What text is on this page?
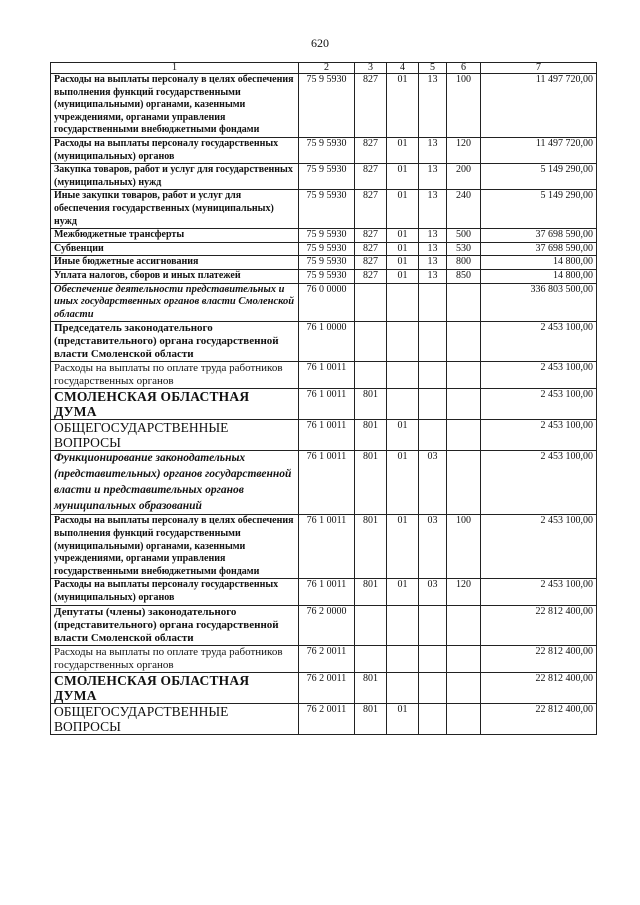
620
1	2	3	4	5	6	7
Расходы на выплаты персоналу в целях обеспечения выполнения функций государственными (муниципальными) органами, казенными учреждениями, органами управления государственными внебюджетными фондами	75 9 5930	827	01	13	100	11 497 720,00
Расходы на выплаты персоналу государственных (муниципальных) органов	75 9 5930	827	01	13	120	11 497 720,00
Закупка товаров, работ и услуг для государственных (муниципальных) нужд	75 9 5930	827	01	13	200	5 149 290,00
Иные закупки товаров, работ и услуг для обеспечения государственных (муниципальных) нужд	75 9 5930	827	01	13	240	5 149 290,00
Межбюджетные трансферты	75 9 5930	827	01	13	500	37 698 590,00
Субвенции	75 9 5930	827	01	13	530	37 698 590,00
Иные бюджетные ассигнования	75 9 5930	827	01	13	800	14 800,00
Уплата налогов, сборов и иных платежей	75 9 5930	827	01	13	850	14 800,00
Обеспечение деятельности представительных и иных государственных органов власти Смоленской области	76 0 0000					336 803 500,00
Председатель законодательного (представительного) органа государственной власти Смоленской области	76 1 0000					2 453 100,00
Расходы на выплаты по оплате труда работников государственных органов	76 1 0011					2 453 100,00
СМОЛЕНСКАЯ ОБЛАСТНАЯ ДУМА	76 1 0011	801				2 453 100,00
ОБЩЕГОСУДАРСТВЕННЫЕ ВОПРОСЫ	76 1 0011	801	01			2 453 100,00
Функционирование законодательных (представительных) органов государственной власти и представительных органов муниципальных образований	76 1 0011	801	01	03		2 453 100,00
Расходы на выплаты персоналу в целях обеспечения выполнения функций государственными (муниципальными) органами, казенными учреждениями, органами управления государственными внебюджетными фондами	76 1 0011	801	01	03	100	2 453 100,00
Расходы на выплаты персоналу государственных (муниципальных) органов	76 1 0011	801	01	03	120	2 453 100,00
Депутаты (члены) законодательного (представительного) органа государственной власти Смоленской области	76 2 0000					22 812 400,00
Расходы на выплаты по оплате труда работников государственных органов	76 2 0011					22 812 400,00
СМОЛЕНСКАЯ ОБЛАСТНАЯ ДУМА	76 2 0011	801				22 812 400,00
ОБЩЕГОСУДАРСТВЕННЫЕ ВОПРОСЫ	76 2 0011	801	01			22 812 400,00
